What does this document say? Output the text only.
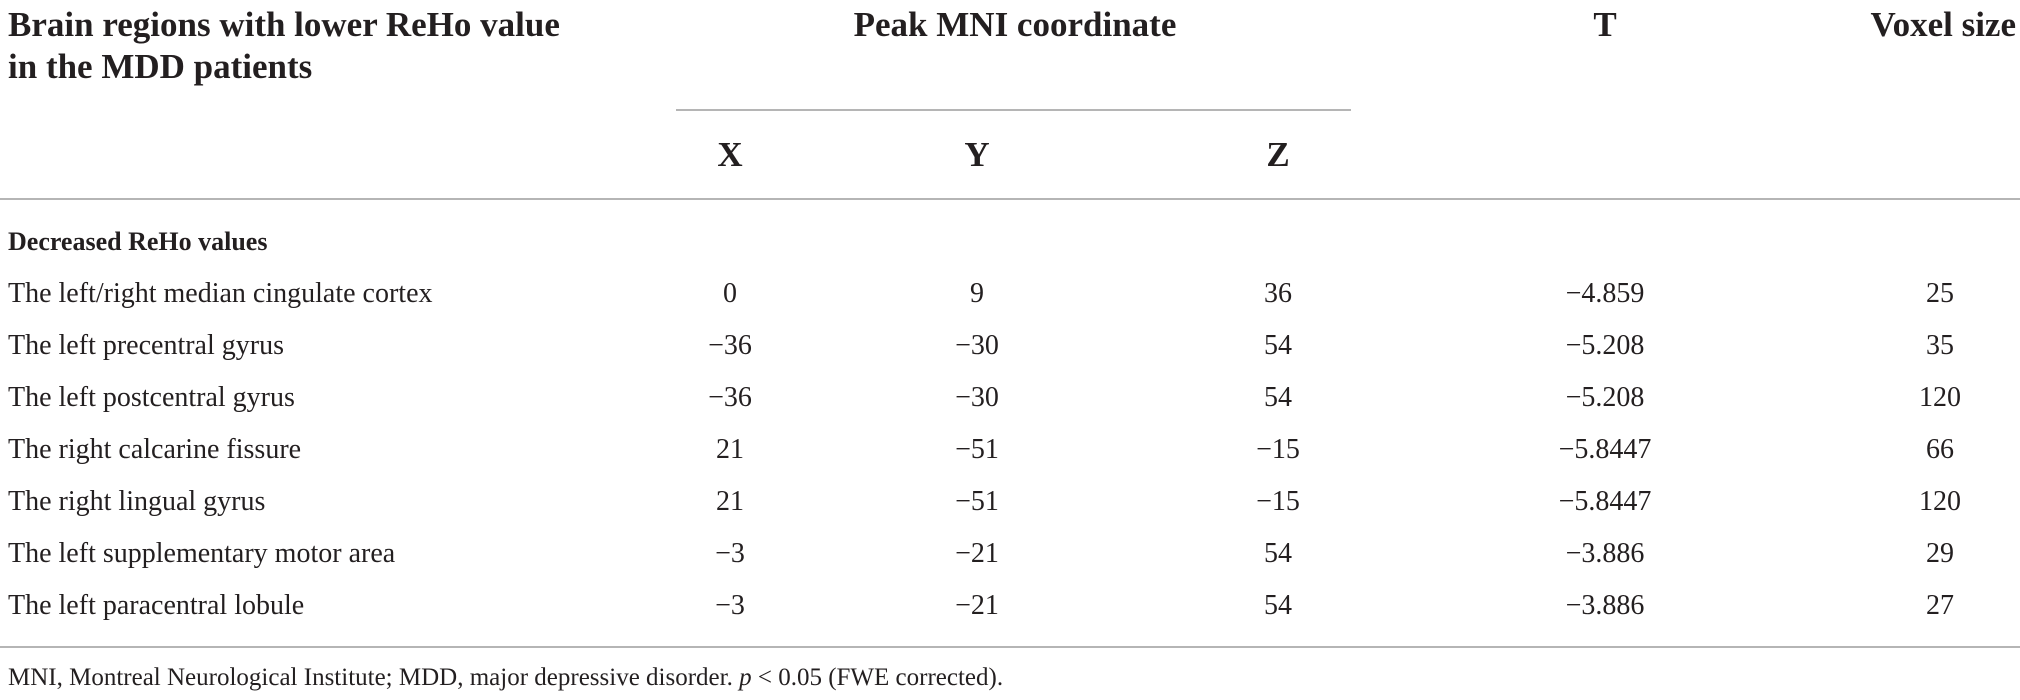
Brain regions with lower ReHo value in the MDD patients
Peak MNI coordinate	T	Voxel size
X	Y	Z
Decreased ReHo values
The left/right median cingulate cortex	0	9	36	−4.859	25
The left precentral gyrus	−36	−30	54	−5.208	35
The left postcentral gyrus	−36	−30	54	−5.208	120
The right calcarine fissure	21	−51	−15	−5.8447	66
The right lingual gyrus	21	−51	−15	−5.8447	120
The left supplementary motor area	−3	−21	54	−3.886	29
The left paracentral lobule	−3	−21	54	−3.886	27
MNI, Montreal Neurological Institute; MDD, major depressive disorder. p < 0.05 (FWE corrected).
